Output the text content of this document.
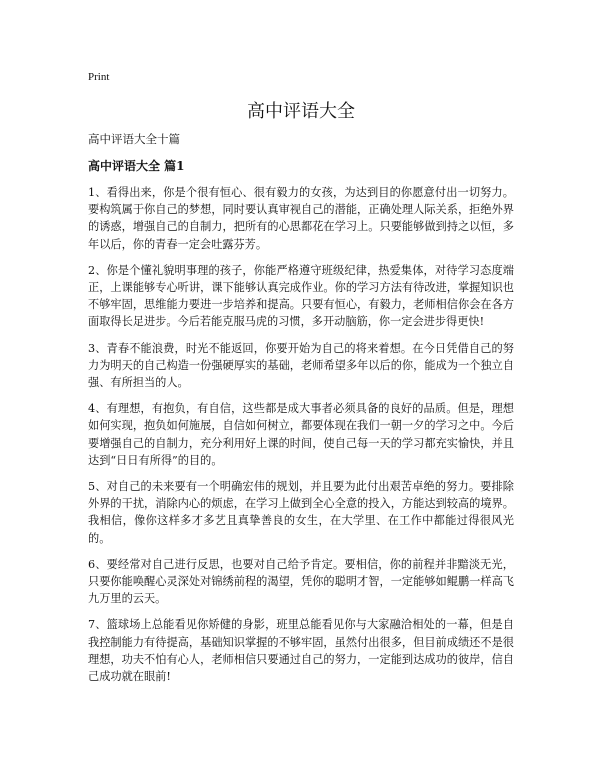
Print
高中评语大全
高中评语大全十篇
高中评语大全 篇1

1、看得出来，你是个很有恒心、很有毅力的女孩，为达到目的你愿意付出一切努力。要构筑属于你自己的梦想，同时要认真审视自己的潜能，正确处理人际关系，拒绝外界的诱惑，增强自己的自制力，把所有的心思都花在学习上。只要能够做到持之以恒，多年以后，你的青春一定会吐露芬芳。

2、你是个懂礼貌明事理的孩子，你能严格遵守班级纪律，热爱集体，对待学习态度端正，上课能够专心听讲，课下能够认真完成作业。你的学习方法有待改进，掌握知识也不够牢固，思维能力要进一步培养和提高。只要有恒心，有毅力，老师相信你会在各方面取得长足进步。今后若能克服马虎的习惯，多开动脑筋，你一定会进步得更快!

3、青春不能浪费，时光不能返回，你要开始为自己的将来着想。在今日凭借自己的努力为明天的自己构造一份强硬厚实的基础，老师希望多年以后的你，能成为一个独立自强、有所担当的人。

4、有理想，有抱负，有自信，这些都是成大事者必须具备的良好的品质。但是，理想如何实现，抱负如何施展，自信如何树立，都要体现在我们一朝一夕的学习之中。今后要增强自己的自制力，充分利用好上课的时间，使自己每一天的学习都充实愉快，并且达到“日日有所得”的目的。

5、对自己的未来要有一个明确宏伟的规划，并且要为此付出艰苦卓绝的努力。要排除外界的干扰，消除内心的烦虑，在学习上做到全心全意的投入，方能达到较高的境界。我相信，像你这样多才多艺且真挚善良的女生，在大学里、在工作中都能过得很风光的。

6、要经常对自己进行反思，也要对自己给予肯定。要相信，你的前程并非黯淡无光，只要你能唤醒心灵深处对锦绣前程的渴望，凭你的聪明才智，一定能够如鲲鹏一样高飞九万里的云天。

7、篮球场上总能看见你矫健的身影，班里总能看见你与大家融洽相处的一幕，但是自我控制能力有待提高，基础知识掌握的不够牢固，虽然付出很多，但目前成绩还不是很理想，功夫不怕有心人，老师相信只要通过自己的努力，一定能到达成功的彼岸，信自己成功就在眼前!
